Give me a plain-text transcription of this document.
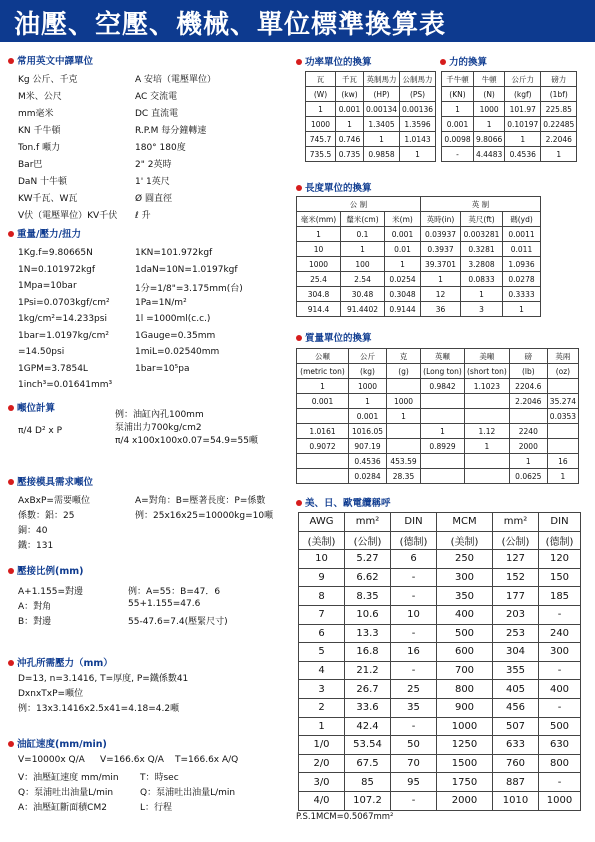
油壓、空壓、機械、單位標準換算表
常用英文中譯單位
Kg 公斤、千克	A 安培（電壓單位）
M米、公尺	AC 交流電
mm毫米	DC 直流電
KN 千牛頓	R.P.M 每分鐘轉速
Ton.f 噸力	180° 180度
Bar巴	2" 2英時
DaN 十牛頓	1' 1英尺
KW千瓦、W瓦	Ø 圓直徑
V伏（電壓單位）KV千伏 ℓ 升
重量/壓力/扭力
1Kg.f=9.80665N	1KN=101.972kgf
1N=0.101972kgf	1daN=10N=1.0197kgf
1Mpa=10bar	1分=1/8"=3.175mm(台)
1Psi=0.0703kgf/cm²	1Pa=1N/m²
1kg/cm²=14.233psi	1l =1000ml(c.c.)
1bar=1.0197kg/cm²	1Gauge=0.35mm
=14.50psi	1miL=0.02540mm
1GPM=3.7854L	1bar=10⁵pa
1inch³=0.01641mm³
噸位計算
π/4 D² x P
例：油缸內孔100mm
泵浦出力700kg/cm2
π/4 x100x100x0.07=54.9=55噸
壓接模具需求噸位
AxBxP=需要噸位	A=對角：B=壓著長度：P=係數
係數：鋁：25	例：25x16x25=10000kg=10噸
銅：40
鐵：131
壓接比例(mm)
A+1.155=對邊	例：A=55：B=47．6
A：對角	55+1.155=47.6
B：對邊	55-47.6=7.4(壓緊尺寸)
沖孔所需壓力（mm）
D=13, n=3.1416, T=厚度, P=鐵係數41
DxnxTxP=噸位
例：13x3.1416x2.5x41=4.18=4.2噸
油缸速度(mm/min)
V=10000x Q/A V=166.6x Q/A T=166.6x A/Q
V：油壓缸速度 mm/min T：時sec
Q：泵浦吐出油量L/min	Q：泵浦吐出油量L/min
A：油壓缸斷面積CM2	L：行程
功率單位的換算
瓦	千瓦	英制馬力	公制馬力
(W)	(kw)	(HP)	(PS)
1	0.001	0.00134	0.00136
1000	1	1.3405	1.3596
745.7	0.746	1	1.0143
735.5	0.735	0.9858	1
力的換算
千牛頓	牛頓	公斤力	磅力
(KN)	(N)	(kgf)	(1bf)
1	1000	101.97	225.85
0.001	1	0.10197	0.22485
0.0098	9.8066	1	2.2046
-	4.4483	0.4536	1
長度單位的換算
公 制			英 制		
毫米(mm)	釐米(cm)	米(m)	英時(in)	英尺(ft)	碼(yd)
1	0.1	0.001	0.03937	0.003281	0.0011
10	1	0.01	0.3937	0.3281	0.011
1000	100	1	39.3701	3.2808	1.0936
25.4	2.54	0.0254	1	0.0833	0.0278
304.8	30.48	0.3048	12	1	0.3333
914.4	91.4402	0.9144	36	3	1
質量單位的換算
公噸	公斤	克	英噸	美噸	磅	英兩
(metric ton)	(kg)	(g)	(Long ton)	(short ton)	(lb)	(oz)
1	1000		0.9842	1.1023	2204.6	
0.001	1	1000			2.2046	35.274
	0.001	1				0.0353
1.0161	1016.05		1	1.12	2240	
0.9072	907.19		0.8929	1	2000	
	0.4536	453.59			1	16
	0.0284	28.35			0.0625	1
美、日、歐電纜稱呼
AWG	mm²	DIN	MCM	mm²	DIN
(美制)	(公制)	(德制)	(美制)	(公制)	(德制)
10	5.27	6	250	127	120
9	6.62	-	300	152	150
8	8.35	-	350	177	185
7	10.6	10	400	203	-
6	13.3	-	500	253	240
5	16.8	16	600	304	300
4	21.2	-	700	355	-
3	26.7	25	800	405	400
2	33.6	35	900	456	-
1	42.4	-	1000	507	500
1/0	53.54	50	1250	633	630
2/0	67.5	70	1500	760	800
3/0	85	95	1750	887	-
4/0	107.2	-	2000	1010	1000
P.S.1MCM=0.5067mm²
